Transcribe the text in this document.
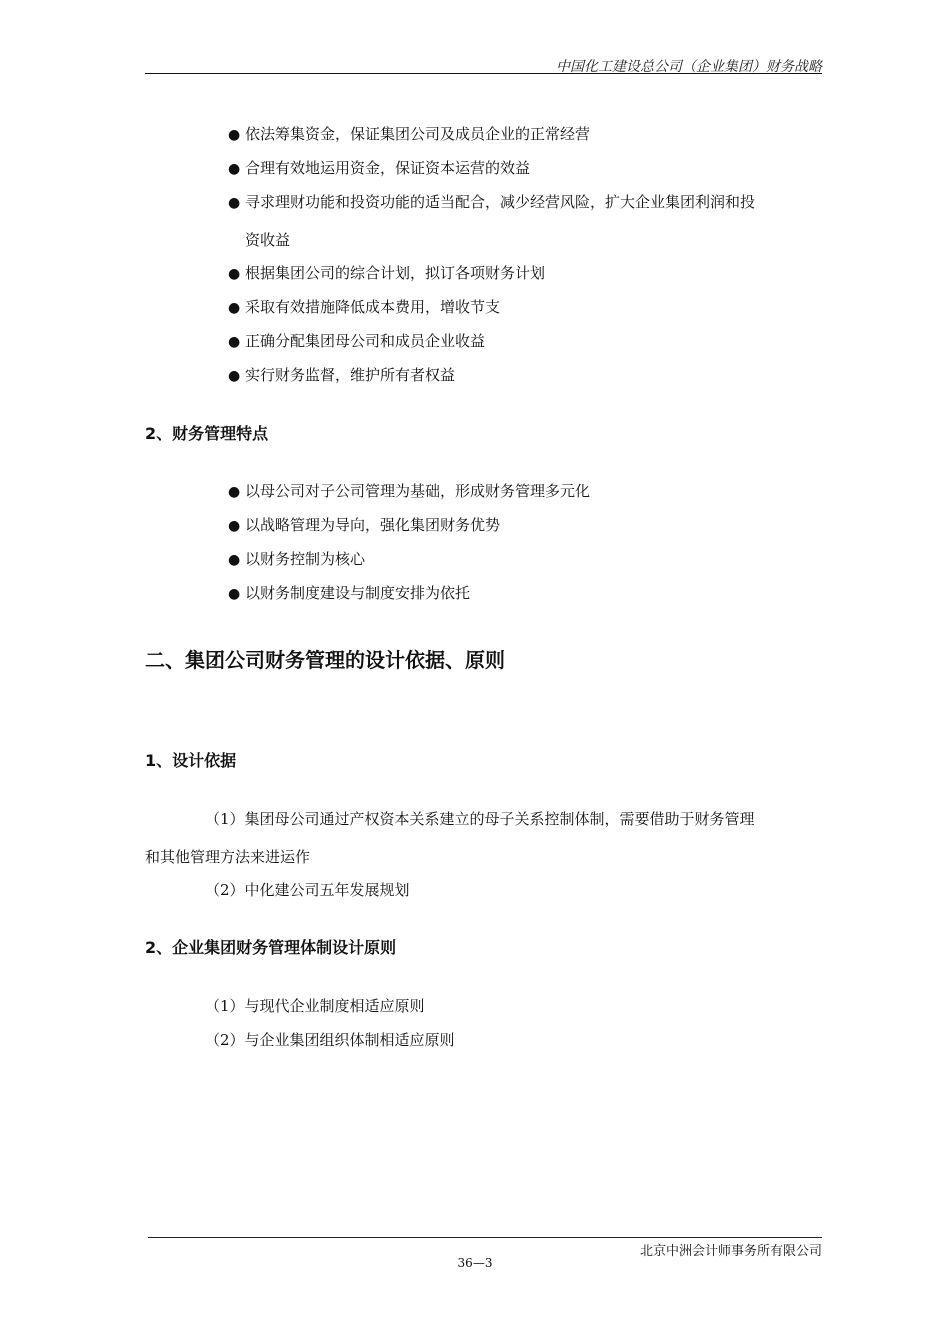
中国化工建设总公司（企业集团）财务战略
● 依法筹集资金，保证集团公司及成员企业的正常经营
● 合理有效地运用资金，保证资本运营的效益
● 寻求理财功能和投资功能的适当配合，减少经营风险，扩大企业集团利润和投
资收益
● 根据集团公司的综合计划，拟订各项财务计划
● 采取有效措施降低成本费用，增收节支
● 正确分配集团母公司和成员企业收益
● 实行财务监督，维护所有者权益
2、财务管理特点
● 以母公司对子公司管理为基础，形成财务管理多元化
● 以战略管理为导向，强化集团财务优势
● 以财务控制为核心
● 以财务制度建设与制度安排为依托
二、集团公司财务管理的设计依据、原则
1、设计依据
（1）集团母公司通过产权资本关系建立的母子关系控制体制，需要借助于财务管理
和其他管理方法来进运作
（2）中化建公司五年发展规划
2、企业集团财务管理体制设计原则
（1）与现代企业制度相适应原则
（2）与企业集团组织体制相适应原则
北京中洲会计师事务所有限公司
36—3
